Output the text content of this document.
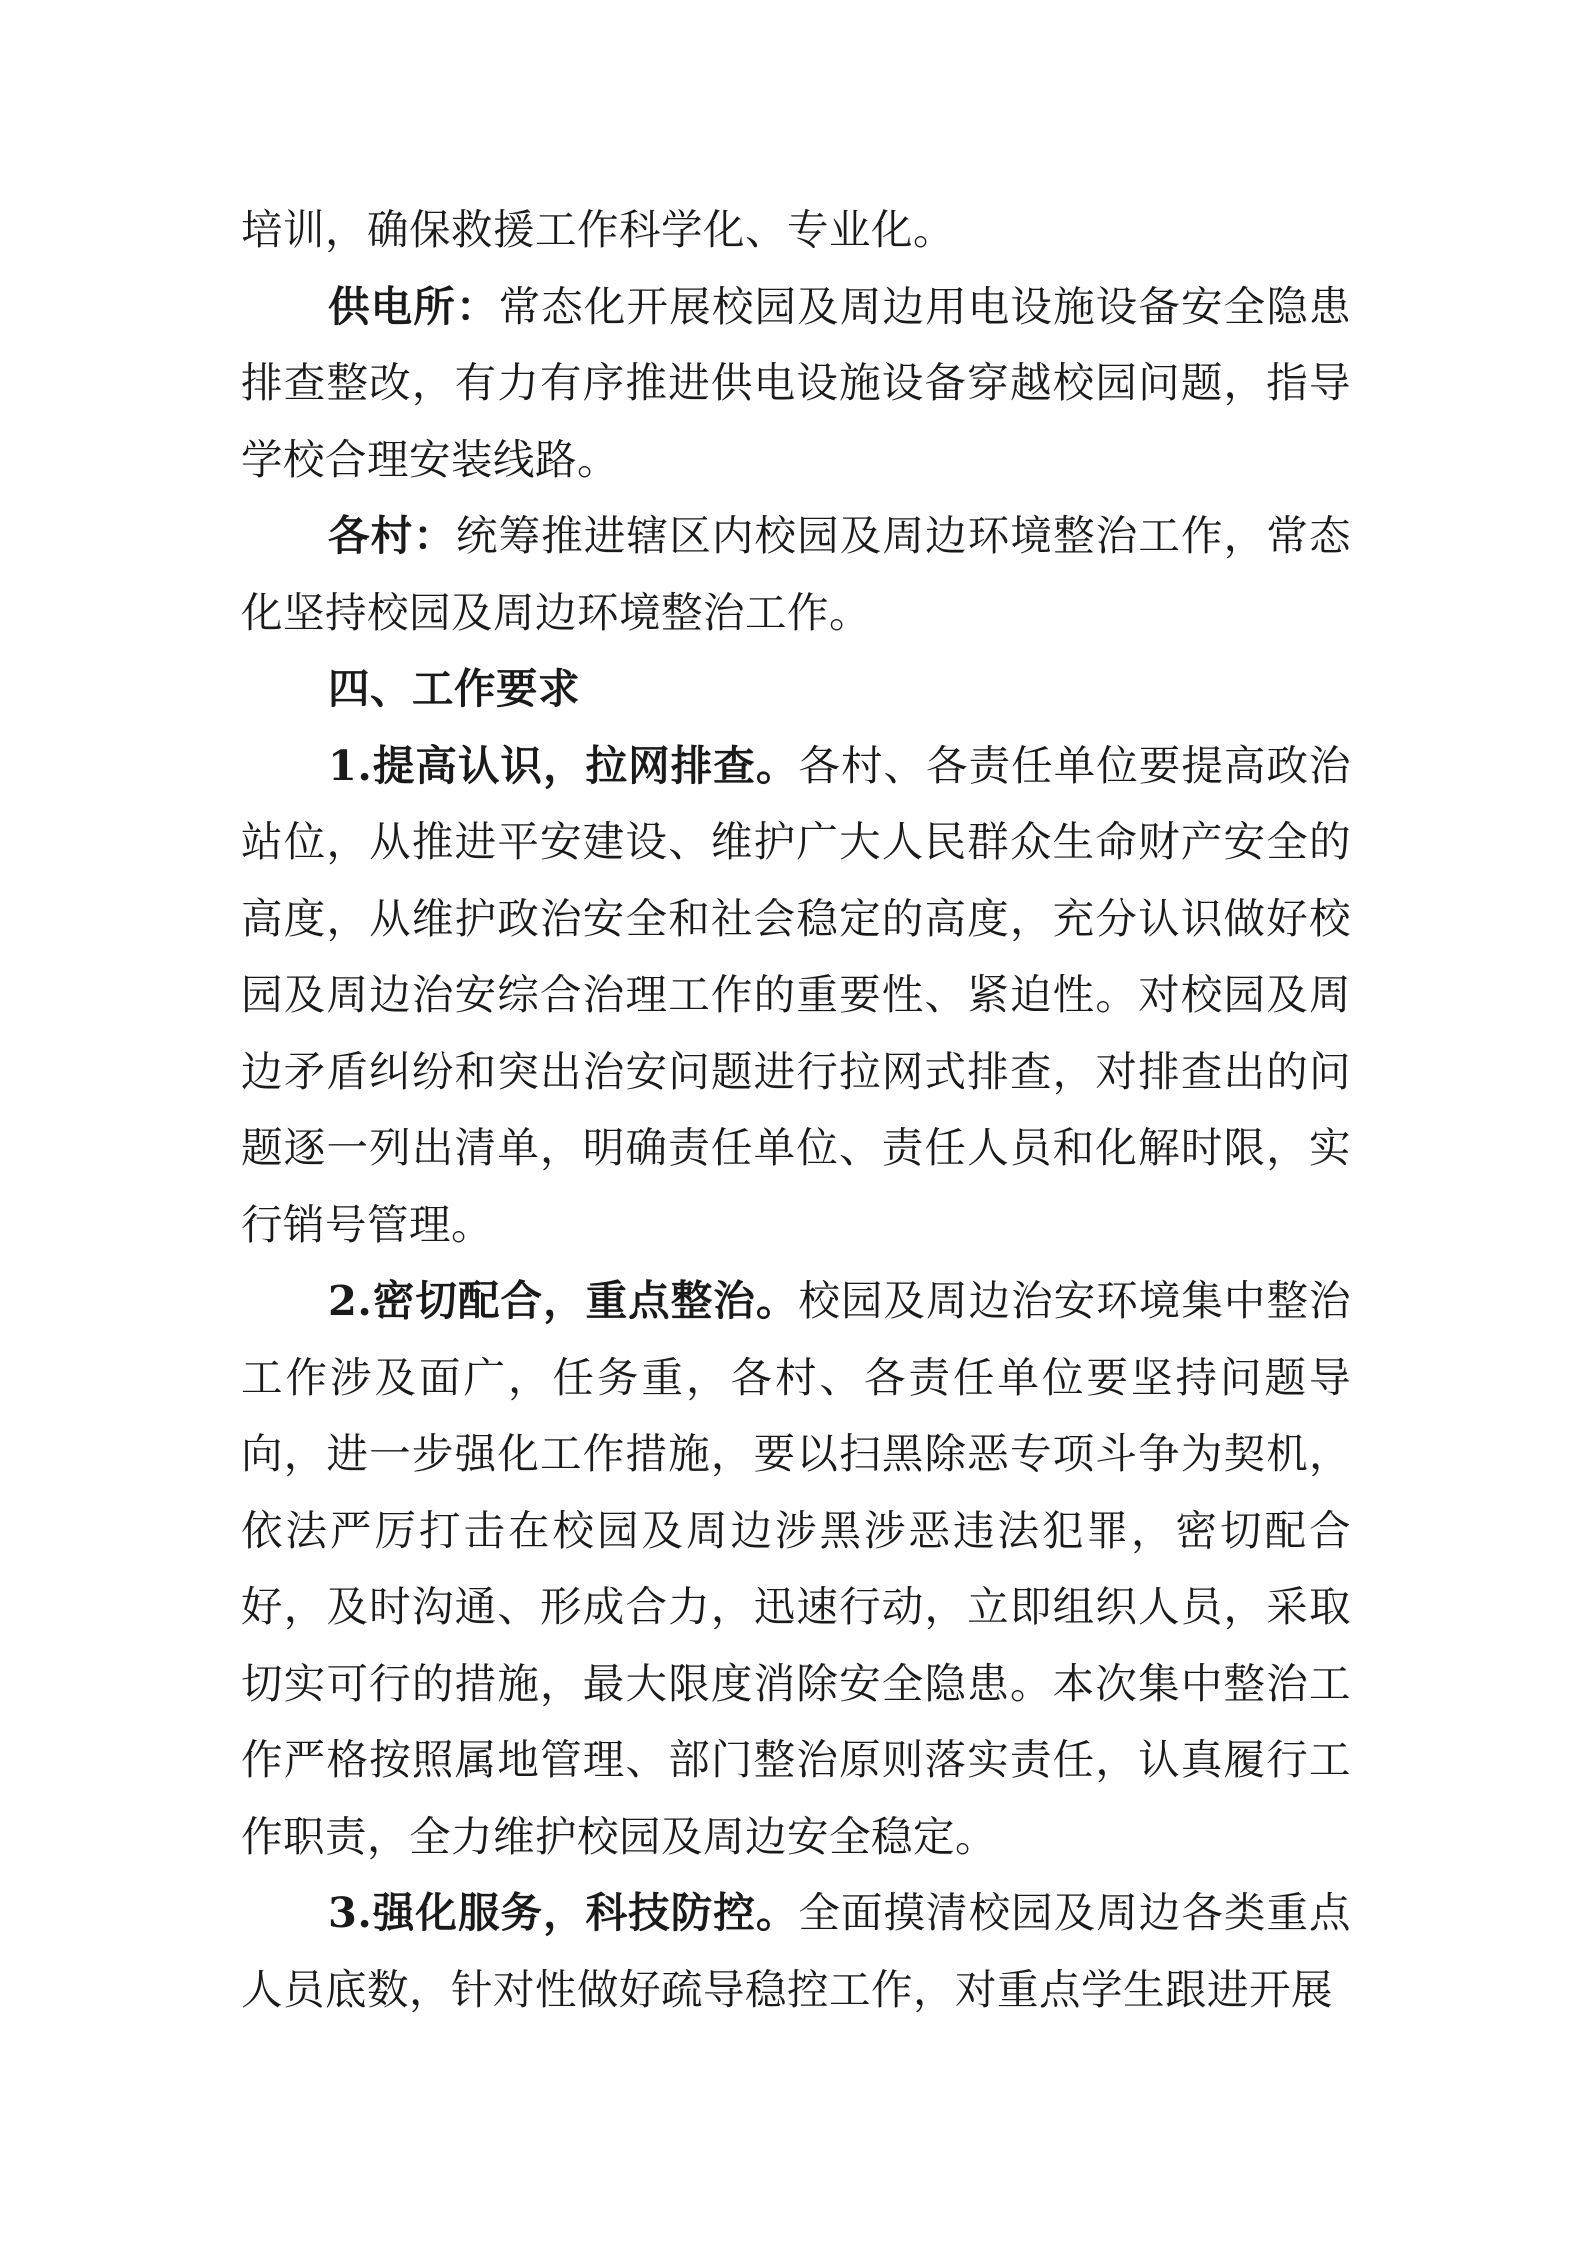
培训，确保救援工作科学化、专业化。

供电所：常态化开展校园及周边用电设施设备安全隐患排查整改，有力有序推进供电设施设备穿越校园问题，指导学校合理安装线路。

各村：统筹推进辖区内校园及周边环境整治工作，常态化坚持校园及周边环境整治工作。

四、工作要求

1.提高认识，拉网排查。各村、各责任单位要提高政治站位，从推进平安建设、维护广大人民群众生命财产安全的高度，从维护政治安全和社会稳定的高度，充分认识做好校园及周边治安综合治理工作的重要性、紧迫性。对校园及周边矛盾纠纷和突出治安问题进行拉网式排查，对排查出的问题逐一列出清单，明确责任单位、责任人员和化解时限，实行销号管理。

2.密切配合，重点整治。校园及周边治安环境集中整治工作涉及面广，任务重，各村、各责任单位要坚持问题导向，进一步强化工作措施，要以扫黑除恶专项斗争为契机，依法严厉打击在校园及周边涉黑涉恶违法犯罪，密切配合好，及时沟通、形成合力，迅速行动，立即组织人员，采取切实可行的措施，最大限度消除安全隐患。本次集中整治工作严格按照属地管理、部门整治原则落实责任，认真履行工作职责，全力维护校园及周边安全稳定。

3.强化服务，科技防控。全面摸清校园及周边各类重点人员底数，针对性做好疏导稳控工作，对重点学生跟进开展
